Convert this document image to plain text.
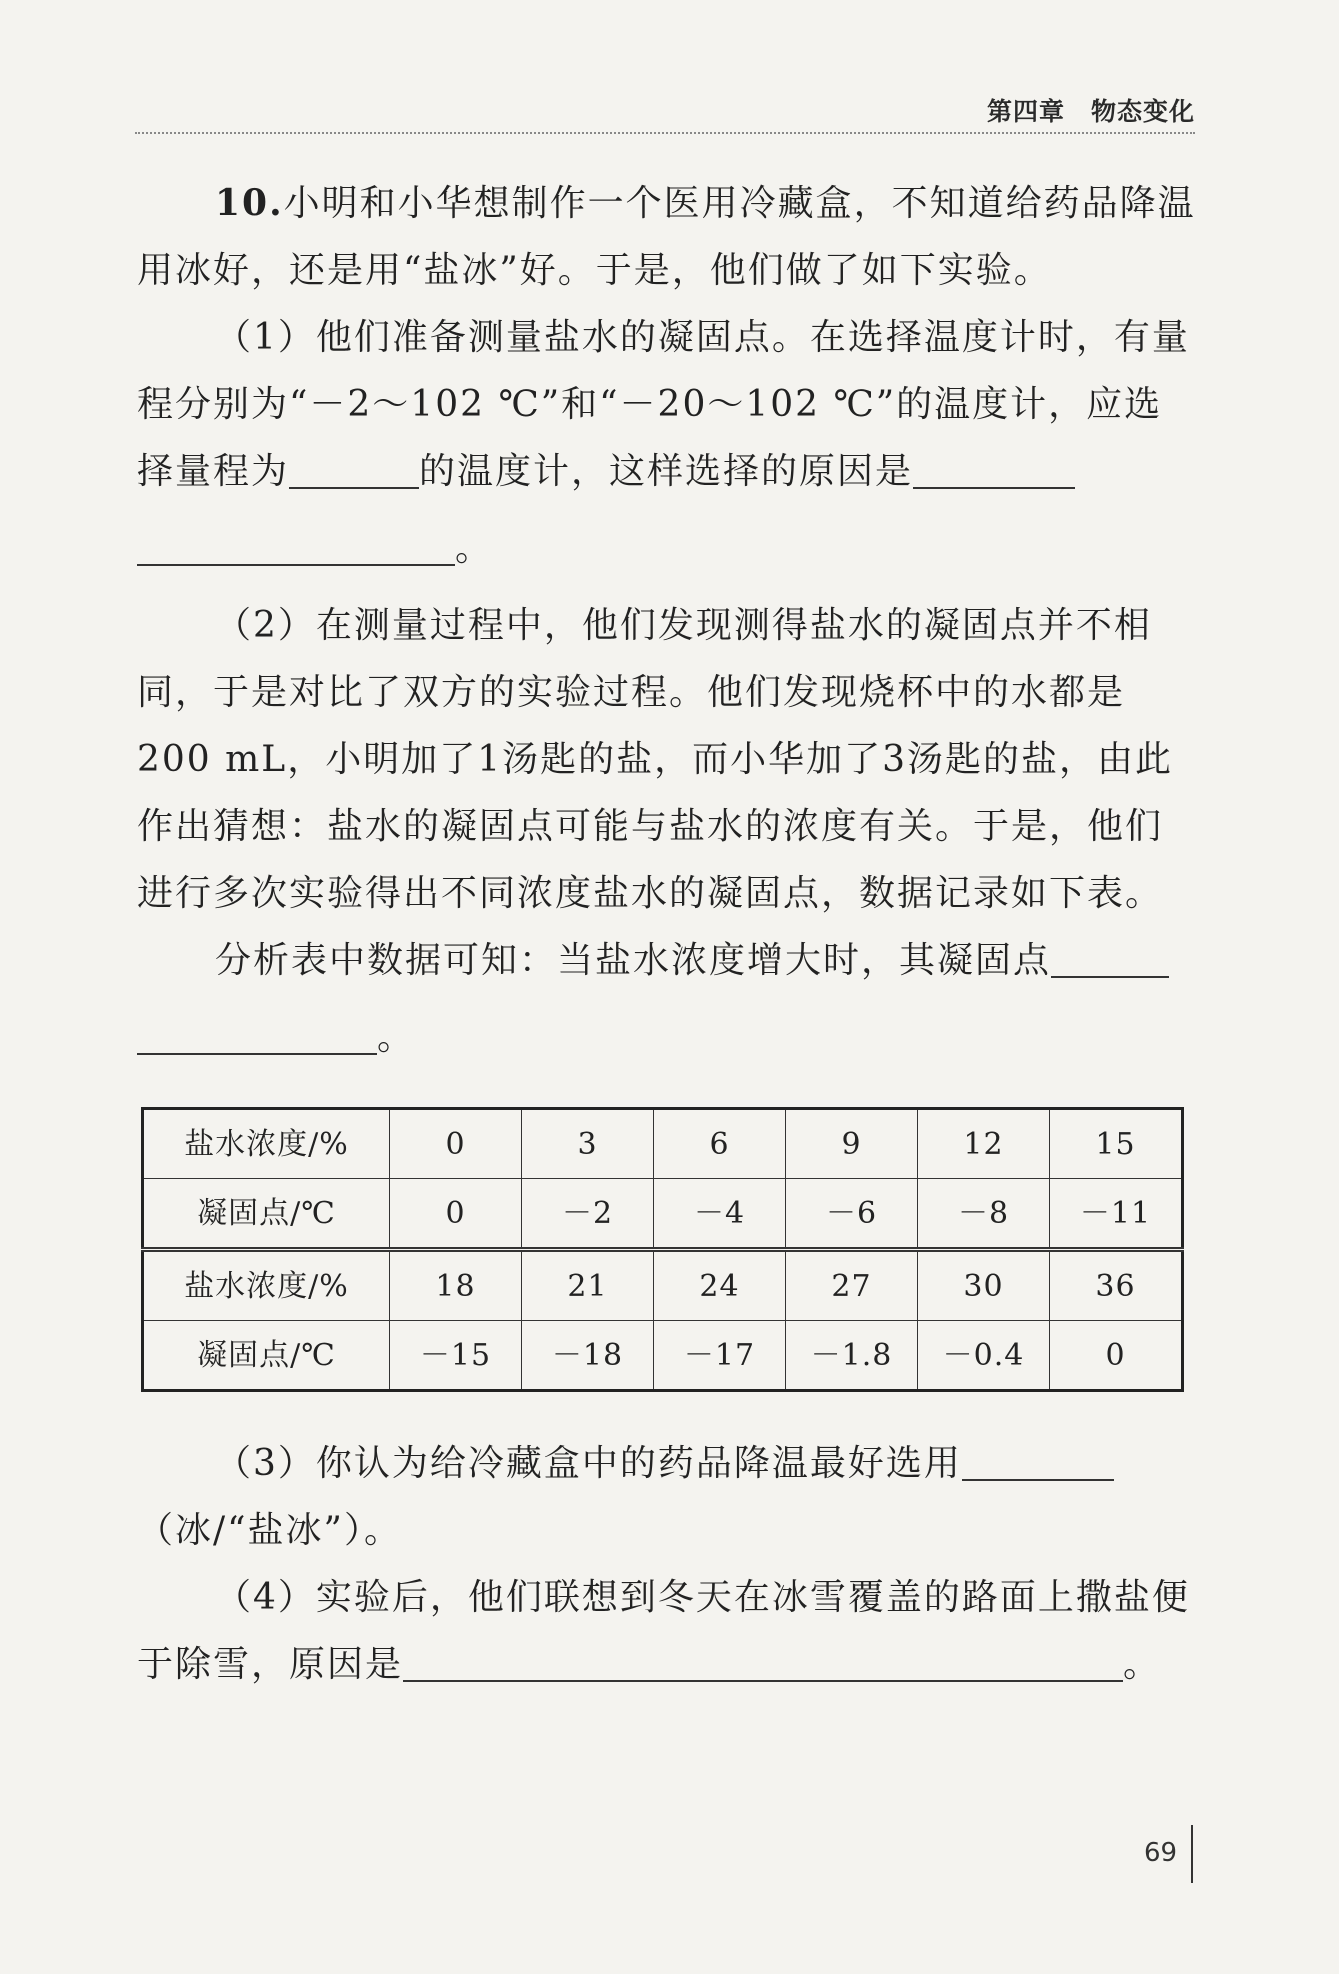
第四章　物态变化

10.小明和小华想制作一个医用冷藏盒，不知道给药品降温用冰好，还是用“盐冰”好。于是，他们做了如下实验。

（1）他们准备测量盐水的凝固点。在选择温度计时，有量程分别为“－2～102 ℃”和“－20～102 ℃”的温度计，应选择量程为	的温度计，这样选择的原因是

。

（2）在测量过程中，他们发现测得盐水的凝固点并不相同，于是对比了双方的实验过程。他们发现烧杯中的水都是200 mL，小明加了1汤匙的盐，而小华加了3汤匙的盐，由此作出猜想：盐水的凝固点可能与盐水的浓度有关。于是，他们进行多次实验得出不同浓度盐水的凝固点，数据记录如下表。

分析表中数据可知：当盐水浓度增大时，其凝固点

。

盐水浓度/%	0	3	6	9	12	15
凝固点/℃	0	－2	－4	－6	－8	－11
盐水浓度/%	18	21	24	27	30	36
凝固点/℃	－15	－18	－17	－1.8	－0.4	0

（3）你认为给冷藏盒中的药品降温最好选用（冰/“盐冰”）。

（4）实验后，他们联想到冬天在冰雪覆盖的路面上撒盐便于除雪，原因是	。

69
